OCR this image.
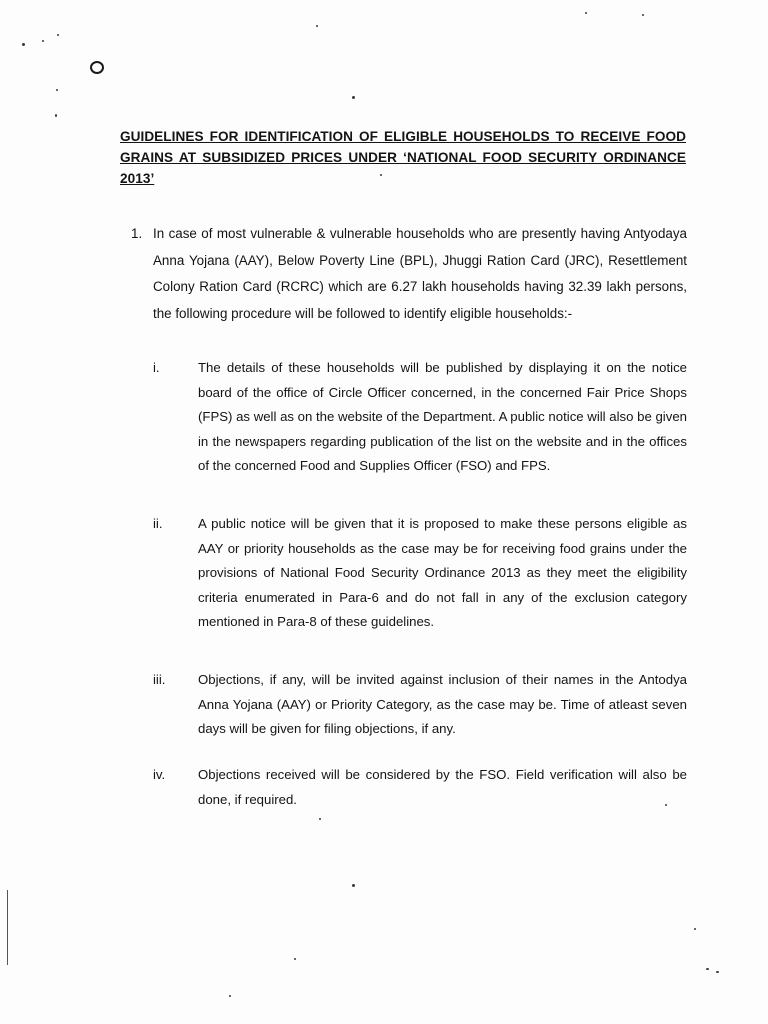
GUIDELINES FOR IDENTIFICATION OF ELIGIBLE HOUSEHOLDS TO RECEIVE FOOD GRAINS AT SUBSIDIZED PRICES UNDER ‘NATIONAL FOOD SECURITY ORDINANCE 2013’

1. In case of most vulnerable & vulnerable households who are presently having Antyodaya Anna Yojana (AAY), Below Poverty Line (BPL), Jhuggi Ration Card (JRC), Resettlement Colony Ration Card (RCRC) which are 6.27 lakh households having 32.39 lakh persons, the following procedure will be followed to identify eligible households:-
i.	The details of these households will be published by displaying it on the notice board of the office of Circle Officer concerned, in the concerned Fair Price Shops (FPS) as well as on the website of the Department. A public notice will also be given in the newspapers regarding publication of the list on the website and in the offices of the concerned Food and Supplies Officer (FSO) and FPS.
ii.	A public notice will be given that it is proposed to make these persons eligible as AAY or priority households as the case may be for receiving food grains under the provisions of National Food Security Ordinance 2013 as they meet the eligibility criteria enumerated in Para-6 and do not fall in any of the exclusion category mentioned in Para-8 of these guidelines.
iii.	Objections, if any, will be invited against inclusion of their names in the Antodya Anna Yojana (AAY) or Priority Category, as the case may be. Time of atleast seven days will be given for filing objections, if any.
iv.	Objections received will be considered by the FSO. Field verification will also be done, if required.
